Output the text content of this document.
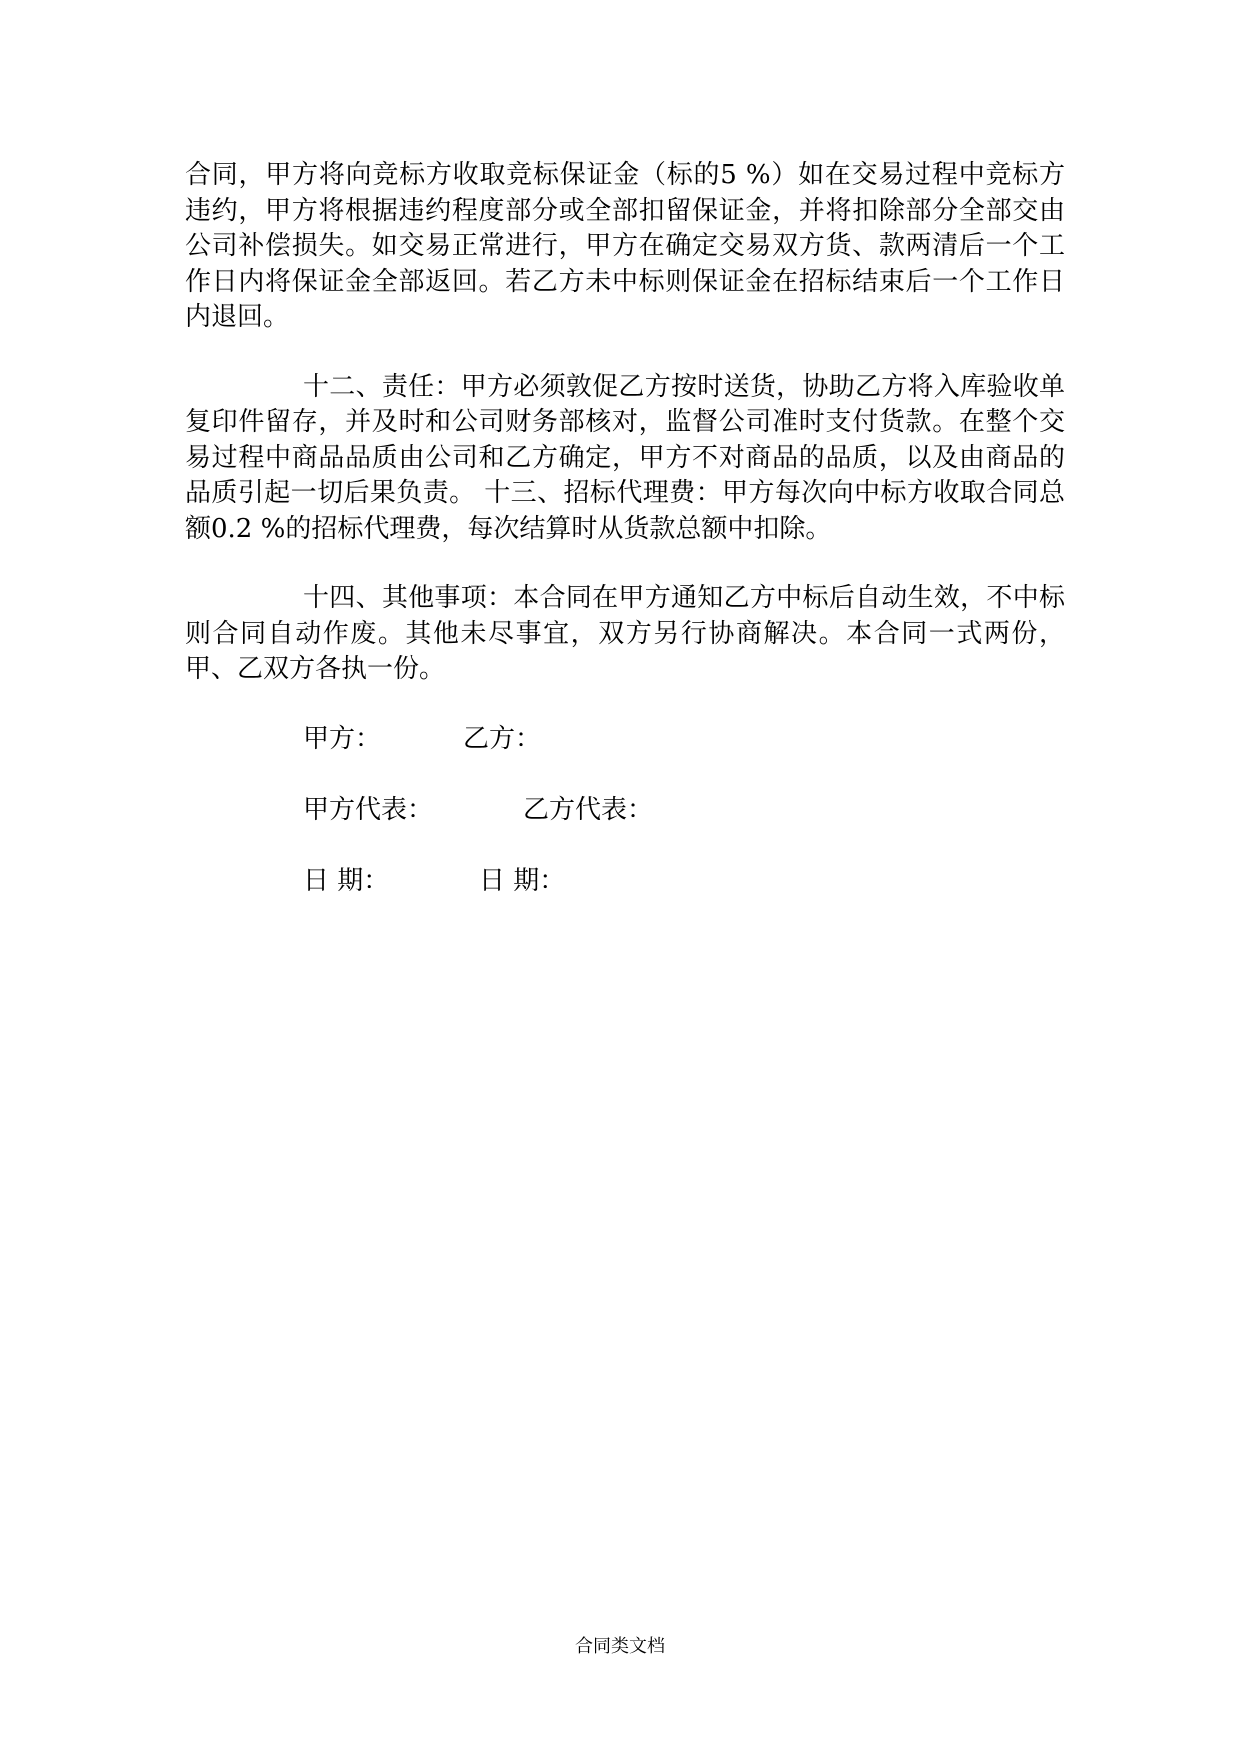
合同，甲方将向竞标方收取竞标保证金（标的5 %）如在交易过程中竞标方违约，甲方将根据违约程度部分或全部扣留保证金，并将扣除部分全部交由公司补偿损失。如交易正常进行，甲方在确定交易双方货、款两清后一个工作日内将保证金全部返回。若乙方未中标则保证金在招标结束后一个工作日内退回。

十二、责任：甲方必须敦促乙方按时送货，协助乙方将入库验收单复印件留存，并及时和公司财务部核对，监督公司准时支付货款。在整个交易过程中商品品质由公司和乙方确定，甲方不对商品的品质，以及由商品的品质引起一切后果负责。 十三、招标代理费：甲方每次向中标方收取合同总额0.2 %的招标代理费，每次结算时从货款总额中扣除。

十四、其他事项：本合同在甲方通知乙方中标后自动生效，不中标则合同自动作废。其他未尽事宜，双方另行协商解决。本合同一式两份，甲、乙双方各执一份。

甲方：	乙方：
甲方代表：	乙方代表：
日 期：	日 期：
合同类文档
